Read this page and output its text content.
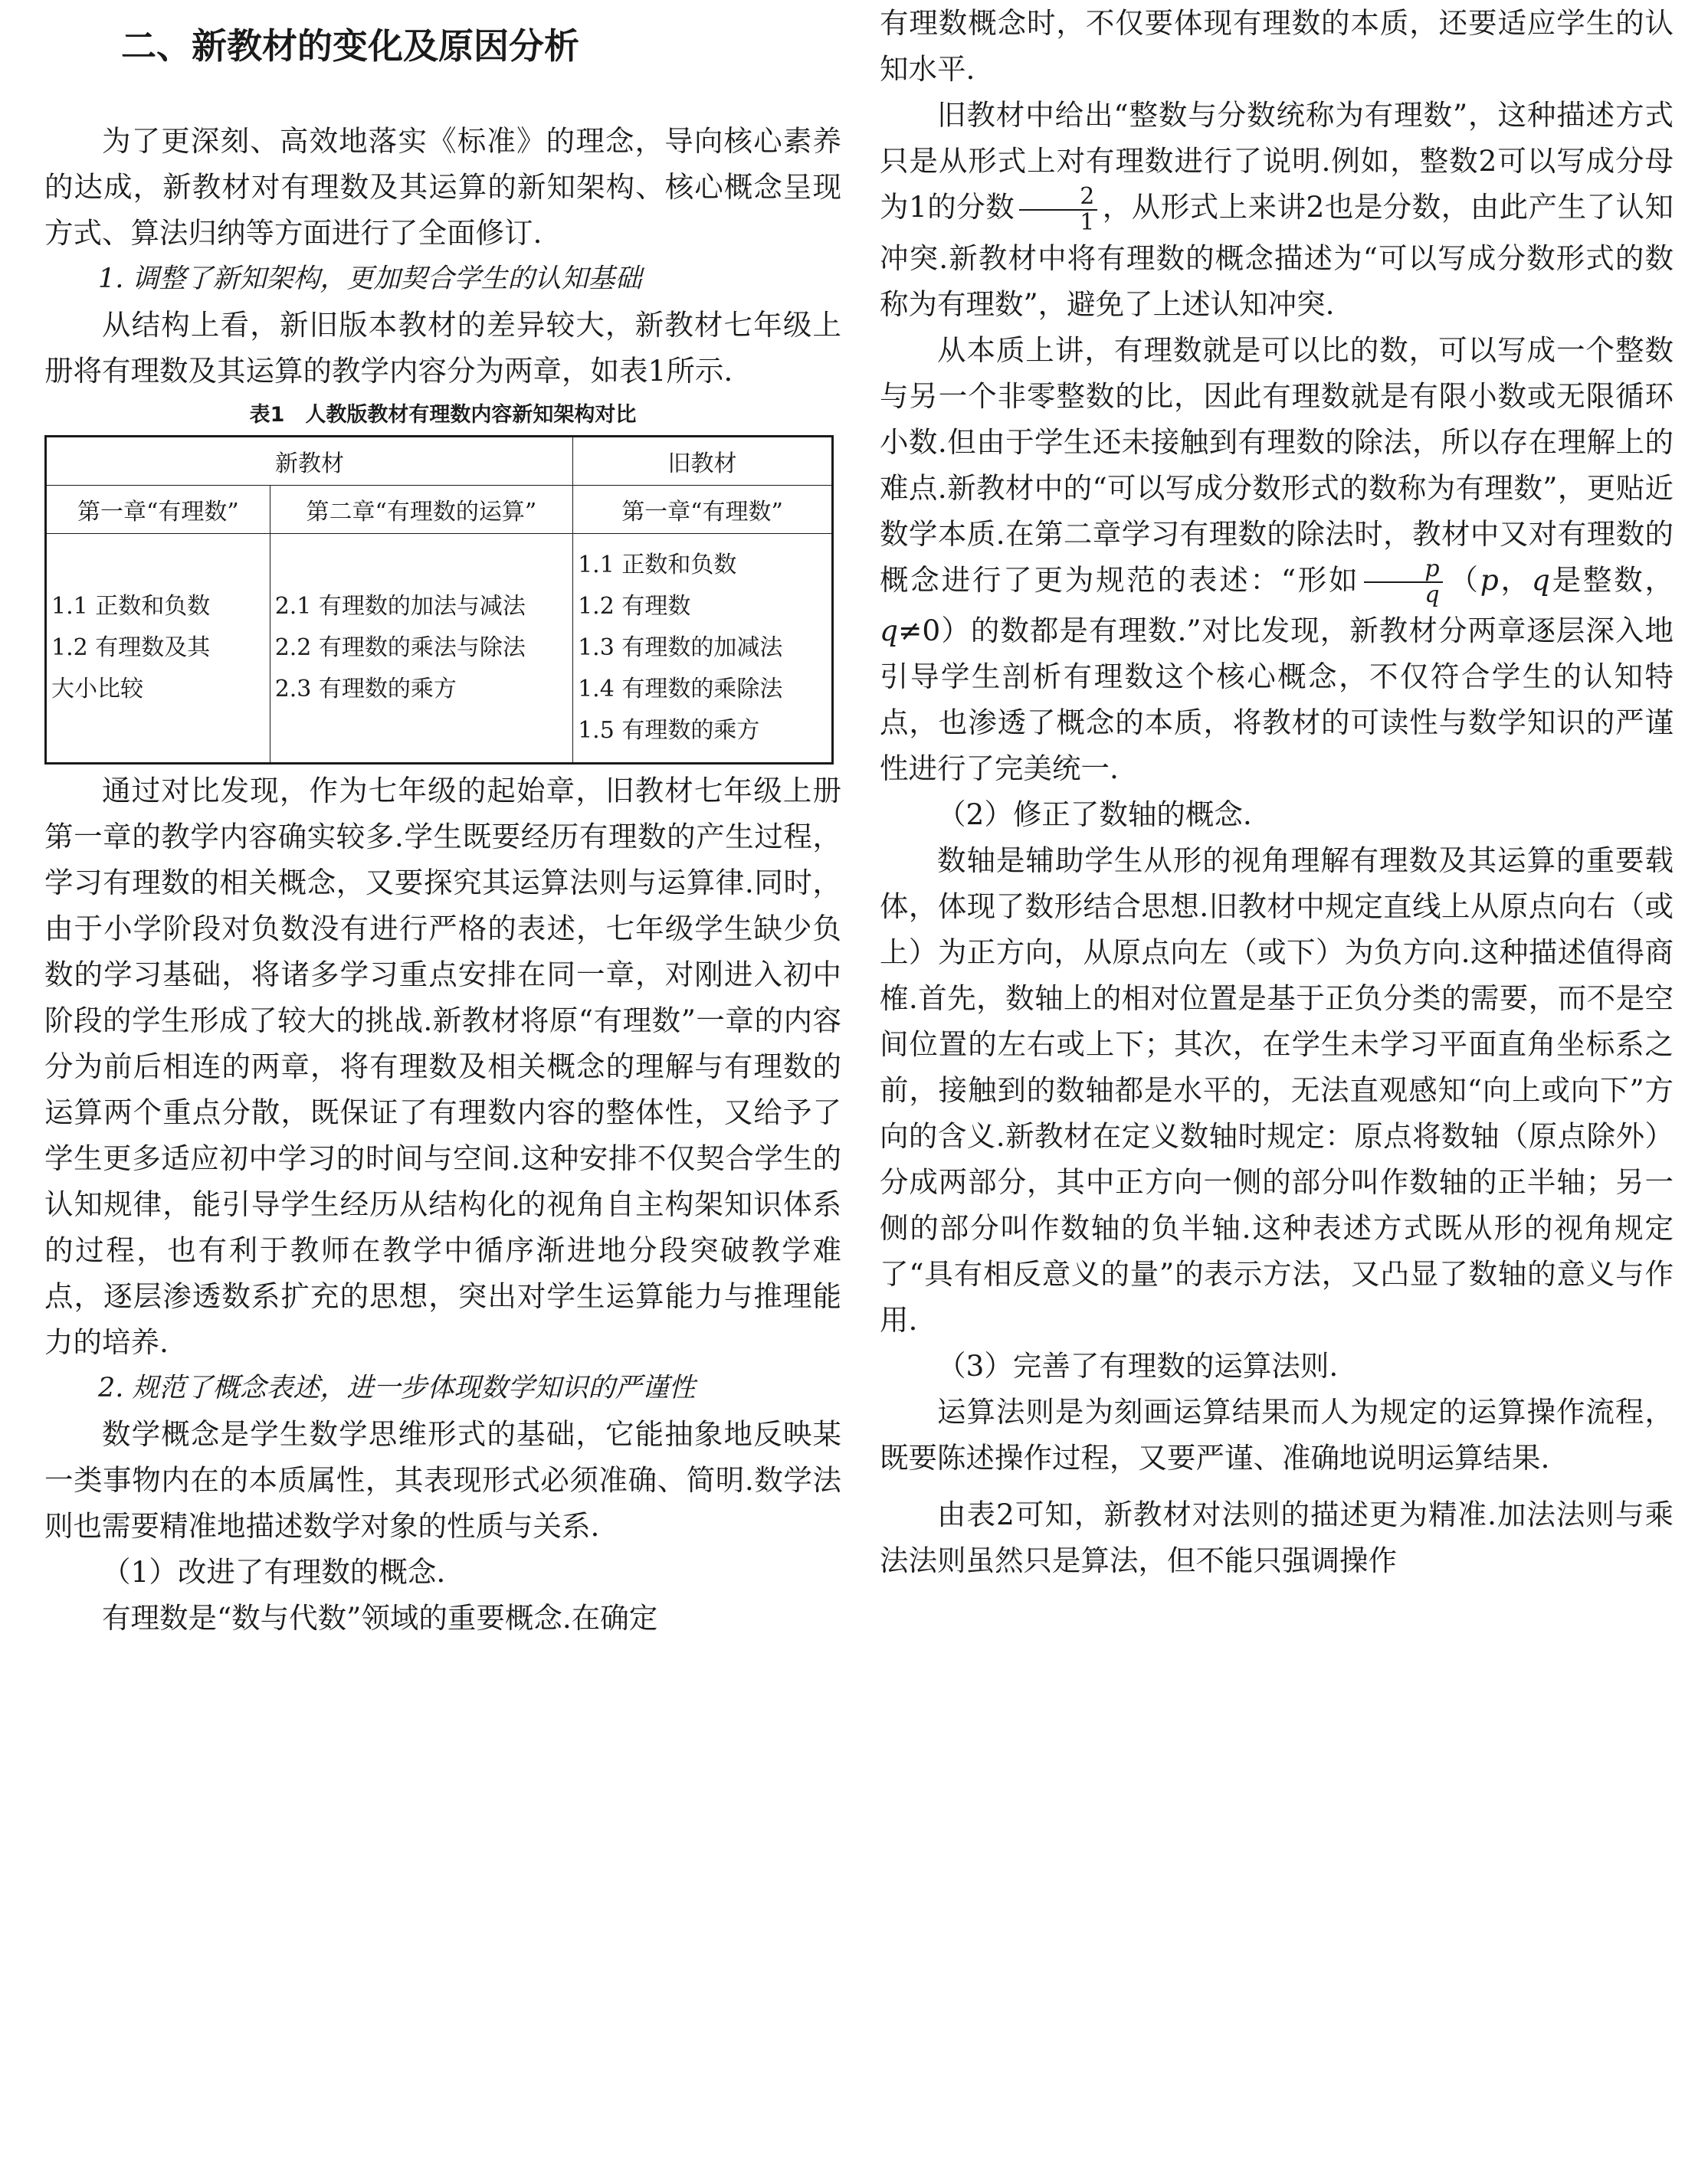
二、新教材的变化及原因分析

为了更深刻、高效地落实《标准》的理念，导向核心素养的达成，新教材对有理数及其运算的新知架构、核心概念呈现方式、算法归纳等方面进行了全面修订.

1. 调整了新知架构，更加契合学生的认知基础

从结构上看，新旧版本教材的差异较大，新教材七年级上册将有理数及其运算的教学内容分为两章，如表1所示.

表1　人教版教材有理数内容新知架构对比
新教材		旧教材
第一章“有理数”	第二章“有理数的运算”	第一章“有理数”

1.1 正数和负数
1.2 有理数及其
大小比较	2.1 有理数的加法与减法
2.2 有理数的乘法与除法
2.3 有理数的乘方	1.1 正数和负数
1.2 有理数
1.3 有理数的加减法
1.4 有理数的乘除法
1.5 有理数的乘方

通过对比发现，作为七年级的起始章，旧教材七年级上册第一章的教学内容确实较多.学生既要经历有理数的产生过程，学习有理数的相关概念，又要探究其运算法则与运算律.同时，由于小学阶段对负数没有进行严格的表述，七年级学生缺少负数的学习基础，将诸多学习重点安排在同一章，对刚进入初中阶段的学生形成了较大的挑战.新教材将原“有理数”一章的内容分为前后相连的两章，将有理数及相关概念的理解与有理数的运算两个重点分散，既保证了有理数内容的整体性，又给予了学生更多适应初中学习的时间与空间.这种安排不仅契合学生的认知规律，能引导学生经历从结构化的视角自主构架知识体系的过程，也有利于教师在教学中循序渐进地分段突破教学难点，逐层渗透数系扩充的思想，突出对学生运算能力与推理能力的培养.

2. 规范了概念表述，进一步体现数学知识的严谨性

数学概念是学生数学思维形式的基础，它能抽象地反映某一类事物内在的本质属性，其表现形式必须准确、简明.数学法则也需要精准地描述数学对象的性质与关系.

（1）改进了有理数的概念.

有理数是“数与代数”领域的重要概念.在确定

有理数概念时，不仅要体现有理数的本质，还要适应学生的认知水平.

旧教材中给出“整数与分数统称为有理数”，这种描述方式只是从形式上对有理数进行了说明.例如，整数2可以写成分母为1的分数 $\frac{2}{1}$ ，从形式上来讲2也是分数，由此产生了认知冲突.新教材中将有理数的概念描述为“可以写成分数形式的数称为有理数”，避免了上述认知冲突.

从本质上讲，有理数就是可以比的数，可以写成一个整数与另一个非零整数的比，因此有理数就是有限小数或无限循环小数.但由于学生还未接触到有理数的除法，所以存在理解上的难点.新教材中的“可以写成分数形式的数称为有理数”，更贴近数学本质.在第二章学习有理数的除法时，教材中又对有理数的概念进行了更为规范的表述：“形如 $\frac{p}{q} (p$，q是整数，q≠0）的数都是有理数.”对比发现，新教材分两章逐层深入地引导学生剖析有理数这个核心概念，不仅符合学生的认知特点，也渗透了概念的本质，将教材的可读性与数学知识的严谨性进行了完美统一.

（2）修正了数轴的概念.

数轴是辅助学生从形的视角理解有理数及其运算的重要载体，体现了数形结合思想.旧教材中规定直线上从原点向右（或上）为正方向，从原点向左（或下）为负方向.这种描述值得商榷.首先，数轴上的相对位置是基于正负分类的需要，而不是空间位置的左右或上下；其次，在学生未学习平面直角坐标系之前，接触到的数轴都是水平的，无法直观感知“向上或向下”方向的含义.新教材在定义数轴时规定：原点将数轴（原点除外）分成两部分，其中正方向一侧的部分叫作数轴的正半轴；另一侧的部分叫作数轴的负半轴.这种表述方式既从形的视角规定了“具有相反意义的量”的表示方法，又凸显了数轴的意义与作用.

（3）完善了有理数的运算法则.

运算法则是为刻画运算结果而人为规定的运算操作流程，既要陈述操作过程，又要严谨、准确地说明运算结果.

由表2可知，新教材对法则的描述更为精准.加法法则与乘法法则虽然只是算法，但不能只强调操作
